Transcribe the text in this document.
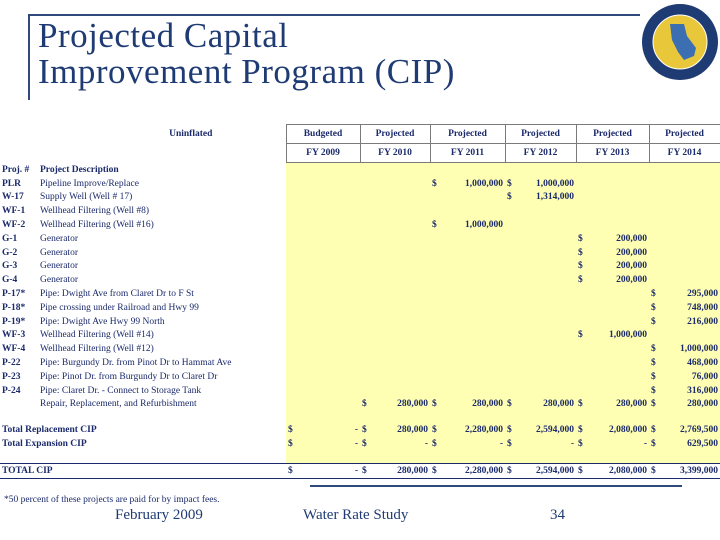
Projected Capital
Improvement Program (CIP)
	Uninflated	Budgeted	Projected	Projected	Projected	Projected	Projected
		FY 2009	FY 2010	FY 2011	FY 2012	FY 2013	FY 2014
Proj. #	Project Description						
PLR	Pipeline Improve/Replace			$ 1,000,000	$ 1,000,000		

W-17	Supply Well (Well # 17)				$ 1,314,000		

WF-1	Wellhead Filtering (Well #8)						
WF-2	Wellhead Filtering (Well #16)			$ 1,000,000			

G-1	Generator					$ 200,000	

G-2	Generator					$ 200,000	

G-3	Generator					$ 200,000	

G-4	Generator					$ 200,000	

P-17*	Pipe: Dwight Ave from Claret Dr to F St						$ 295,000

P-18*	Pipe crossing under Railroad and Hwy 99						$ 748,000

P-19*	Pipe: Dwight Ave Hwy 99 North						$ 216,000

WF-3	Wellhead Filtering (Well #14)					$ 1,000,000	

WF-4	Wellhead Filtering (Well #12)						$ 1,000,000

P-22	Pipe: Burgundy Dr. from Pinot Dr to Hammat Ave						$ 468,000

P-23	Pipe: Pinot Dr. from Burgundy Dr to Claret Dr						$ 76,000

P-24	Pipe: Claret Dr. - Connect to Storage Tank						$ 316,000

	Repair, Replacement, and Refurbishment		$ 280,000	$ 280,000	$ 280,000	$ 280,000	$ 280,000

Total Replacement CIP		$ -	$ 280,000	$ 2,280,000	$ 2,594,000	$ 2,080,000	$ 2,769,500

Total Expansion CIP		$ -	$ -	$ -	$ -	$ -	$ 629,500

TOTAL CIP		$ -	$ 280,000	$ 2,280,000	$ 2,594,000	$ 2,080,000	$ 3,399,000
*50 percent of these projects are paid for by impact fees.
February 2009	Water Rate Study	34
